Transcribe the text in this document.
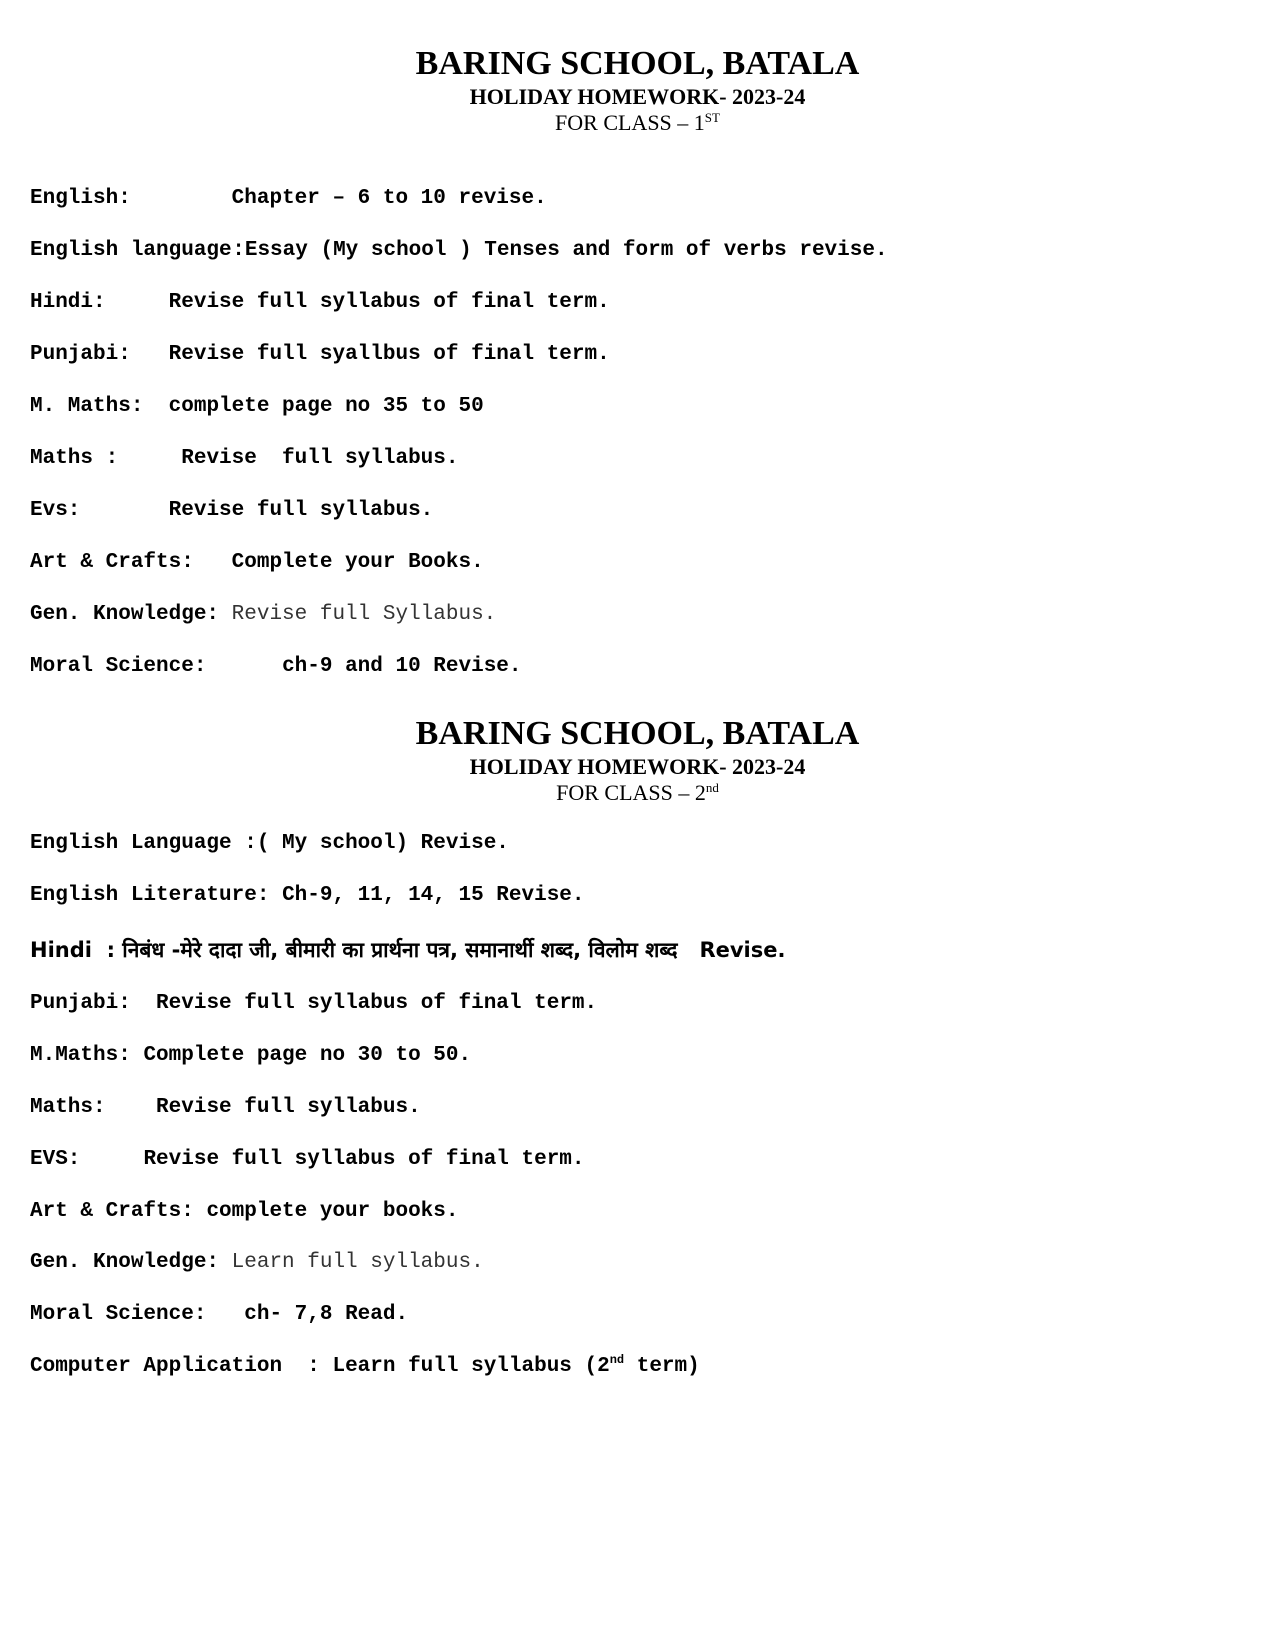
BARING SCHOOL, BATALA
HOLIDAY HOMEWORK- 2023-24
FOR CLASS – 1ST
English:	Chapter – 6 to 10 revise.
English language :Essay (My school ) Tenses and form of verbs revise.
Hindi:	Revise full syllabus of final term.
Punjabi: Revise full syallbus of final term.
M. Maths: complete page no 35 to 50
Maths :	Revise  full syllabus.
Evs:	Revise full syllabus.
Art & Crafts: Complete your Books.
Gen. Knowledge: Revise full Syllabus.
Moral Science:	ch-9 and 10 Revise.
BARING SCHOOL, BATALA
HOLIDAY HOMEWORK- 2023-24
FOR CLASS – 2nd
English Language :( My school) Revise.
English Literature: Ch-9, 11, 14, 15 Revise.
Hindi : निबंध -मेरे दादा जी, बीमारी का प्रार्थना पत्र, समानार्थी शब्द, विलोम शब्द   Revise.
Punjabi: Revise full syllabus of final term.
M.Maths: Complete page no 30 to 50.
Maths: Revise full syllabus.
EVS:	Revise full syllabus of final term.
Art & Crafts: complete your books.
Gen. Knowledge: Learn full syllabus.
Moral Science: ch- 7,8 Read.
Computer Application : Learn full syllabus (2nd term)
